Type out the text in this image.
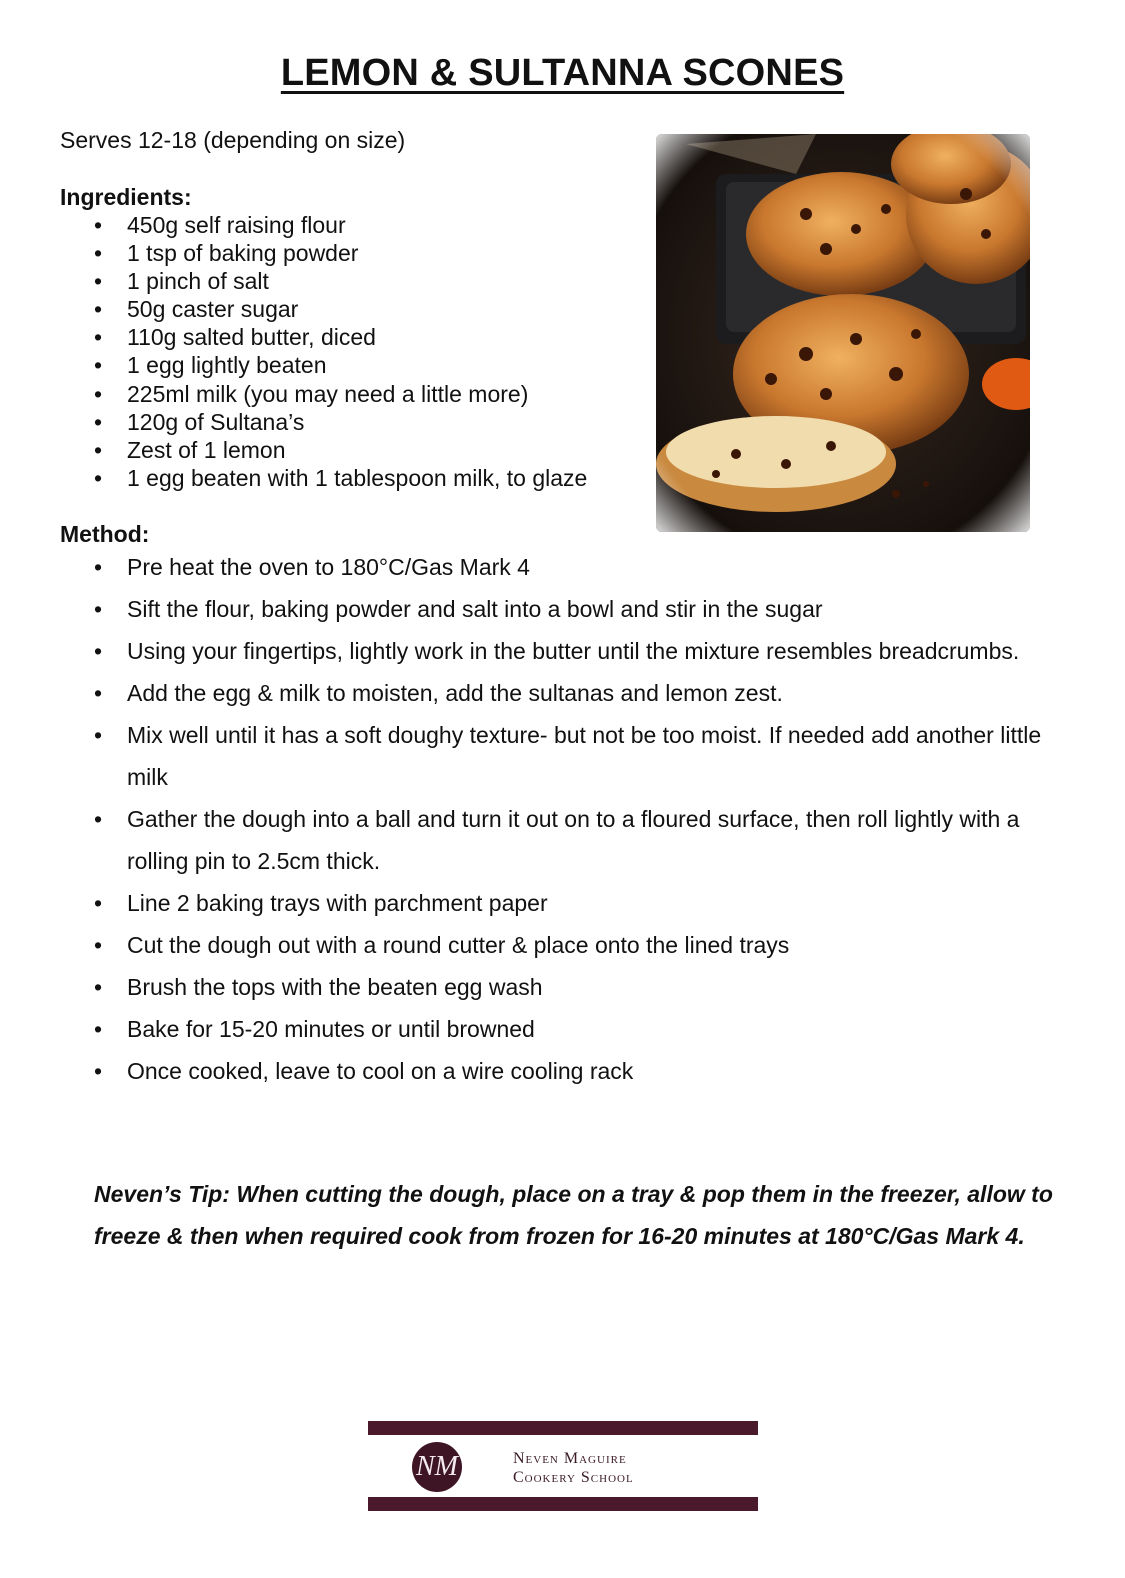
LEMON & SULTANNA SCONES
Serves 12-18 (depending on size)
Ingredients:
• 450g self raising flour
• 1 tsp of baking powder
• 1 pinch of salt
• 50g caster sugar
• 110g salted butter, diced
• 1 egg lightly beaten
• 225ml milk (you may need a little more)
• 120g of Sultana’s
• Zest of 1 lemon
• 1 egg beaten with 1 tablespoon milk, to glaze
Method:
• Pre heat the oven to 180°C/Gas Mark 4
• Sift the flour, baking powder and salt into a bowl and stir in the sugar
• Using your fingertips, lightly work in the butter until the mixture resembles breadcrumbs.
• Add the egg & milk to moisten, add the sultanas and lemon zest.
• Mix well until it has a soft doughy texture- but not be too moist. If needed add another little milk
• Gather the dough into a ball and turn it out on to a floured surface, then roll lightly with a rolling pin to 2.5cm thick.
• Line 2 baking trays with parchment paper
• Cut the dough out with a round cutter & place onto the lined trays
• Brush the tops with the beaten egg wash
• Bake for 15-20 minutes or until browned
• Once cooked, leave to cool on a wire cooling rack
Neven’s Tip: When cutting the dough, place on a tray & pop them in the freezer, allow to freeze & then when required cook from frozen for 16-20 minutes at 180°C/Gas Mark 4.
NM	Neven Maguire
Cookery School
